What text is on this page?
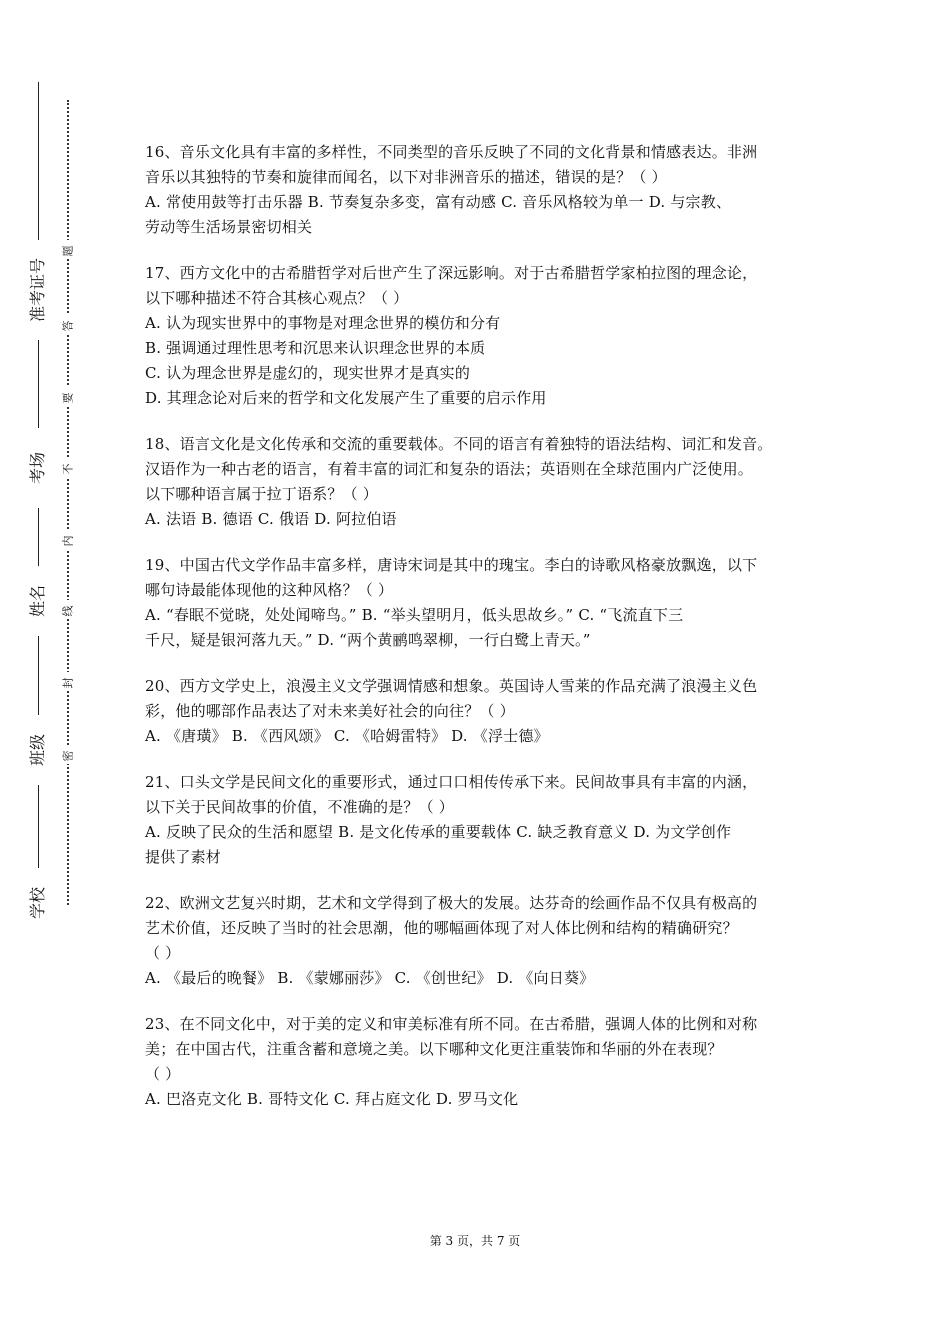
准考证号
考场
姓名
班级
学校
题
答
要
不
内
线
封
密
16、音乐文化具有丰富的多样性，不同类型的音乐反映了不同的文化背景和情感表达。非洲
音乐以其独特的节奏和旋律而闻名，以下对非洲音乐的描述，错误的是？（ ）
A. 常使用鼓等打击乐器 B. 节奏复杂多变，富有动感 C. 音乐风格较为单一 D. 与宗教、
劳动等生活场景密切相关
17、西方文化中的古希腊哲学对后世产生了深远影响。对于古希腊哲学家柏拉图的理念论，
以下哪种描述不符合其核心观点？（ ）
A. 认为现实世界中的事物是对理念世界的模仿和分有
B. 强调通过理性思考和沉思来认识理念世界的本质
C. 认为理念世界是虚幻的，现实世界才是真实的
D. 其理念论对后来的哲学和文化发展产生了重要的启示作用
18、语言文化是文化传承和交流的重要载体。不同的语言有着独特的语法结构、词汇和发音。
汉语作为一种古老的语言，有着丰富的词汇和复杂的语法；英语则在全球范围内广泛使用。
以下哪种语言属于拉丁语系？（ ）
A. 法语 B. 德语 C. 俄语 D. 阿拉伯语
19、中国古代文学作品丰富多样，唐诗宋词是其中的瑰宝。李白的诗歌风格豪放飘逸，以下
哪句诗最能体现他的这种风格？（ ）
A. “春眠不觉晓，处处闻啼鸟。” B. “举头望明月，低头思故乡。” C. “飞流直下三
千尺，疑是银河落九天。” D. “两个黄鹂鸣翠柳，一行白鹭上青天。”
20、西方文学史上，浪漫主义文学强调情感和想象。英国诗人雪莱的作品充满了浪漫主义色
彩，他的哪部作品表达了对未来美好社会的向往？（ ）
A. 《唐璜》 B. 《西风颂》 C. 《哈姆雷特》 D. 《浮士德》
21、口头文学是民间文化的重要形式，通过口口相传传承下来。民间故事具有丰富的内涵，
以下关于民间故事的价值，不准确的是？（ ）
A. 反映了民众的生活和愿望 B. 是文化传承的重要载体 C. 缺乏教育意义 D. 为文学创作
提供了素材
22、欧洲文艺复兴时期，艺术和文学得到了极大的发展。达芬奇的绘画作品不仅具有极高的
艺术价值，还反映了当时的社会思潮，他的哪幅画体现了对人体比例和结构的精确研究？
（ ）
A. 《最后的晚餐》 B. 《蒙娜丽莎》 C. 《创世纪》 D. 《向日葵》
23、在不同文化中，对于美的定义和审美标准有所不同。在古希腊，强调人体的比例和对称
美；在中国古代，注重含蓄和意境之美。以下哪种文化更注重装饰和华丽的外在表现？
（ ）
A. 巴洛克文化 B. 哥特文化 C. 拜占庭文化 D. 罗马文化
第 3 页，共 7 页
